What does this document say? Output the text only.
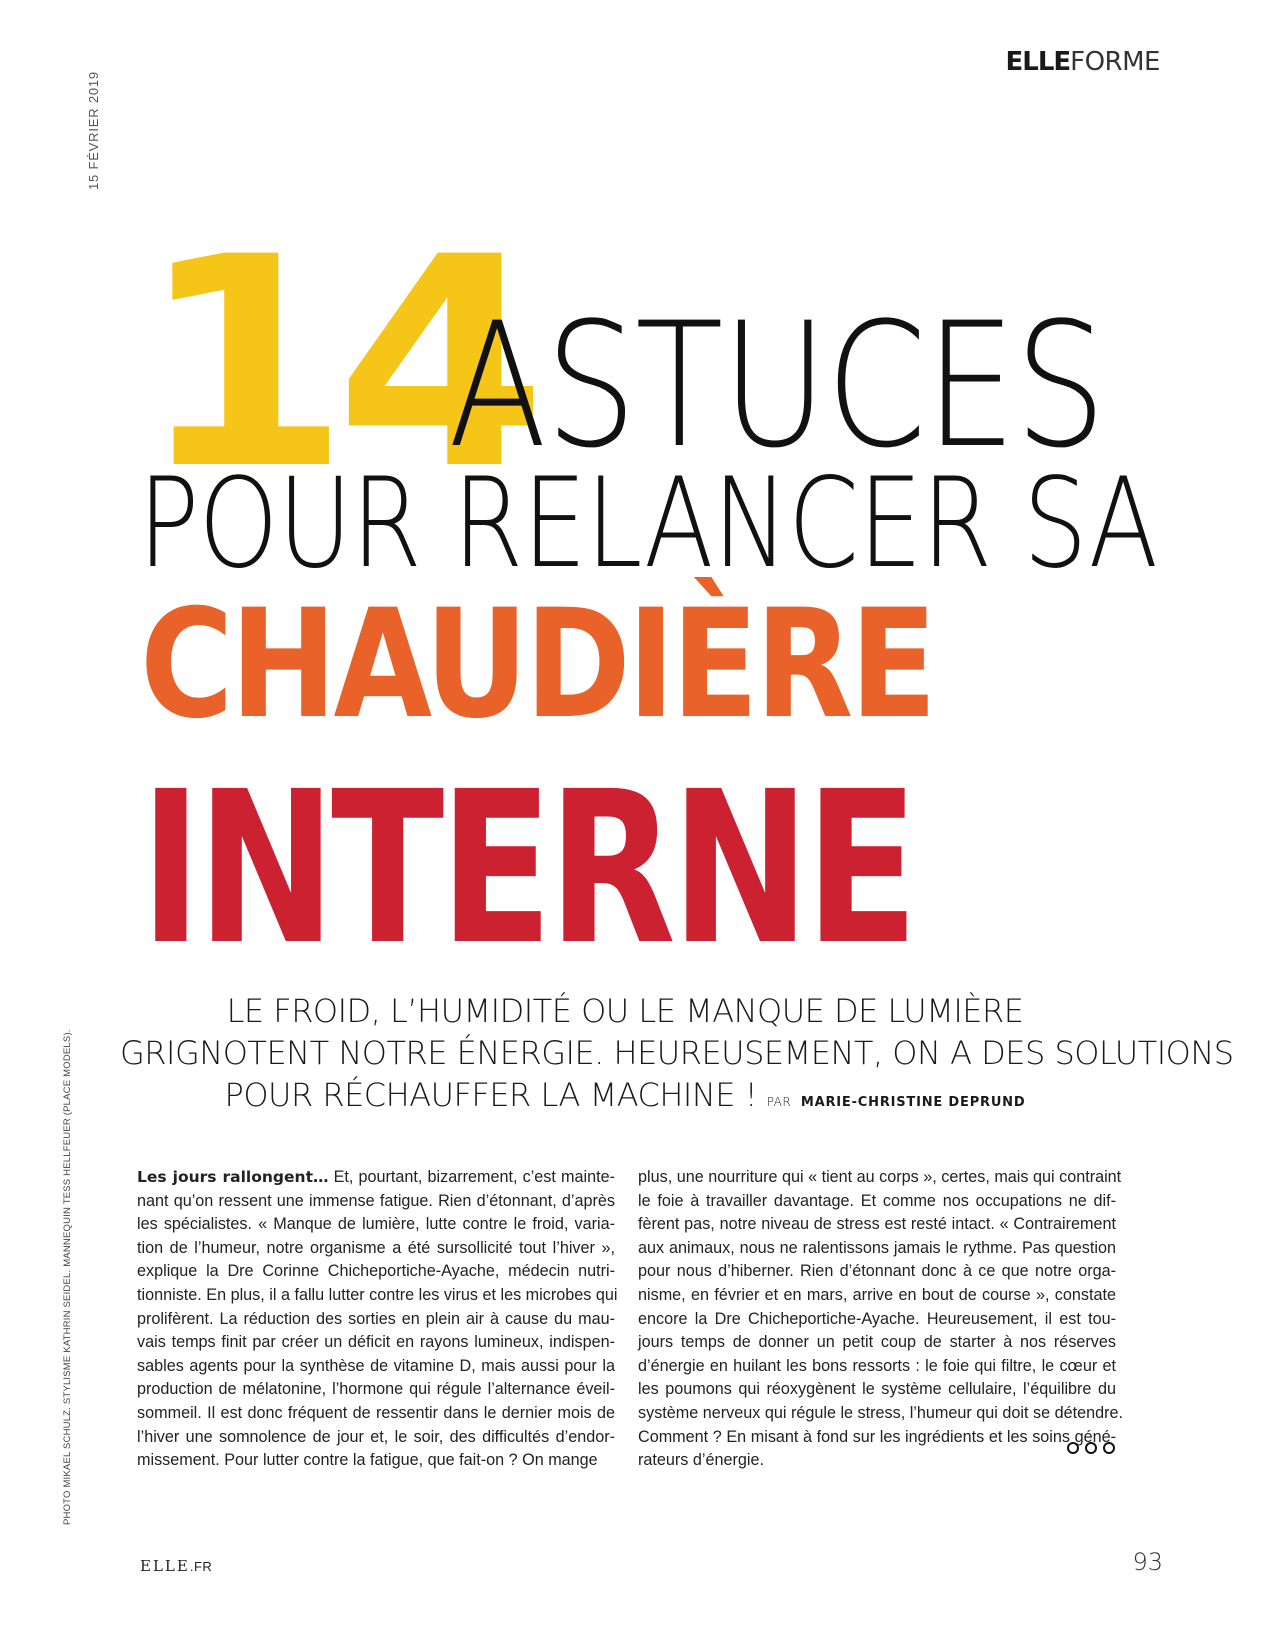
ELLEFORME
15 FÉVRIER 2019
PHOTO MIKAEL SCHULZ. STYLISME KATHRIN SEIDEL. MANNEQUIN TESS HELLFEUER (PLACE MODELS).
14
ASTUCES
POUR RELANCER SA
CHAUDIÈRE
INTERNE
LE FROID, L’HUMIDITÉ OU LE MANQUE DE LUMIÈRE
GRIGNOTENT NOTRE ÉNERGIE. HEUREUSEMENT, ON A DES SOLUTIONS
POUR RÉCHAUFFER LA MACHINE ! PAR MARIE-CHRISTINE DEPRUND
Les jours rallongent… Et, pourtant, bizarrement, c’est mainte-
nant qu’on ressent une immense fatigue. Rien d’étonnant, d’après
les spécialistes. « Manque de lumière, lutte contre le froid, varia-
tion de l’humeur, notre organisme a été sursollicité tout l’hiver »,
explique la Dre Corinne Chicheportiche-Ayache, médecin nutri-
tionniste. En plus, il a fallu lutter contre les virus et les microbes qui
prolifèrent. La réduction des sorties en plein air à cause du mau-
vais temps finit par créer un déficit en rayons lumineux, indispen-
sables agents pour la synthèse de vitamine D, mais aussi pour la
production de mélatonine, l’hormone qui régule l’alternance éveil-
sommeil. Il est donc fréquent de ressentir dans le dernier mois de
l’hiver une somnolence de jour et, le soir, des difficultés d’endor-
missement. Pour lutter contre la fatigue, que fait-on ? On mange
plus, une nourriture qui « tient au corps », certes, mais qui contraint
le foie à travailler davantage. Et comme nos occupations ne dif-
fèrent pas, notre niveau de stress est resté intact. « Contrairement
aux animaux, nous ne ralentissons jamais le rythme. Pas question
pour nous d’hiberner. Rien d’étonnant donc à ce que notre orga-
nisme, en février et en mars, arrive en bout de course », constate
encore la Dre Chicheportiche-Ayache. Heureusement, il est tou-
jours temps de donner un petit coup de starter à nos réserves
d’énergie en huilant les bons ressorts : le foie qui filtre, le cœur et
les poumons qui réoxygènent le système cellulaire, l’équilibre du
système nerveux qui régule le stress, l’humeur qui doit se détendre.
Comment ? En misant à fond sur les ingrédients et les soins géné-
rateurs d’énergie.
ELLE.FR	93
